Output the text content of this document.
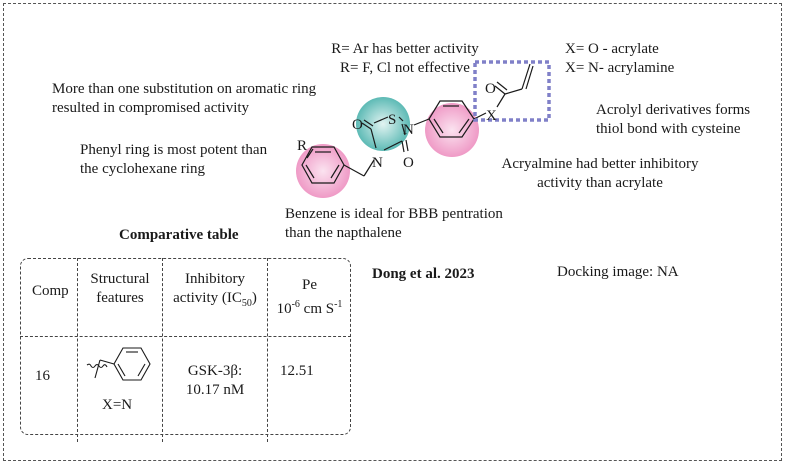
R= Ar has better activity
R= F, Cl not effective
X= O - acrylate
X= N- acrylamine
More than one substitution on aromatic ring
resulted in compromised activity
Phenyl ring is most potent than
the cyclohexane ring
Acrolyl derivatives forms
thiol bond with cysteine
Acryalmine had better inhibitory
activity than acrylate
Benzene is ideal for BBB pentration
than the napthalene
R
O S
N
N O
O
X
Comparative table
Comp
Structural
features
Inhibitory
activity $(IC_{50})$
Pe
$10^{-6}$ cm $S^{-1}$
16
X=N
GSK-3β:
10.17 nM
12.51
Dong et al. 2023	Docking image: NA
